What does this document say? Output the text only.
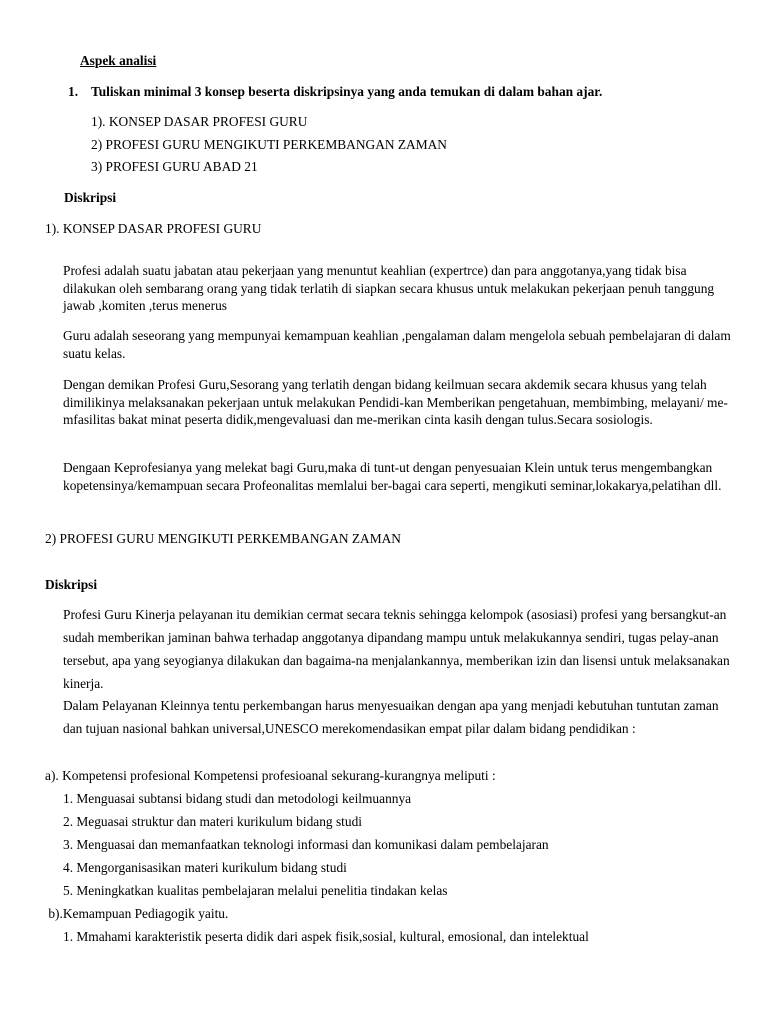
Aspek analisi
1. Tuliskan minimal 3 konsep beserta diskripsinya yang anda temukan di dalam bahan ajar.
1). KONSEP DASAR PROFESI GURU
2) PROFESI GURU MENGIKUTI PERKEMBANGAN ZAMAN
3) PROFESI GURU ABAD 21
Diskripsi
1). KONSEP DASAR PROFESI GURU
Profesi adalah suatu jabatan atau pekerjaan yang menuntut keahlian (expertrce) dan para anggotanya,yang tidak bisa dilakukan oleh sembarang orang yang tidak terlatih di siapkan secara khusus untuk melakukan pekerjaan penuh tanggung jawab ,komiten ,terus menerus
Guru adalah seseorang yang mempunyai kemampuan keahlian ,pengalaman dalam mengelola sebuah pembelajaran di dalam suatu kelas.
Dengan demikan Profesi Guru,Sesorang yang terlatih dengan bidang keilmuan secara akdemik secara khusus yang telah dimilikinya melaksanakan pekerjaan untuk melakukan Pendidi-kan Memberikan pengetahuan, membimbing, melayani/ me-mfasilitas bakat minat peserta didik,mengevaluasi dan me-merikan cinta kasih dengan tulus.Secara sosiologis.
Dengaan Keprofesianya yang melekat bagi Guru,maka di tunt-ut dengan penyesuaian Klein untuk terus mengembangkan kopetensinya/kemampuan secara Profeonalitas memlalui ber-bagai cara seperti, mengikuti seminar,lokakarya,pelatihan dll.
2) PROFESI GURU MENGIKUTI PERKEMBANGAN ZAMAN
Diskripsi
Profesi Guru Kinerja pelayanan itu demikian cermat secara teknis sehingga kelompok (asosiasi) profesi yang bersangkut-an sudah memberikan jaminan bahwa terhadap anggotanya dipandang mampu untuk melakukannya sendiri, tugas pelay-anan tersebut, apa yang seyogianya dilakukan dan bagaima-na menjalankannya, memberikan izin dan lisensi untuk melaksanakan kinerja.
Dalam Pelayanan Kleinnya tentu perkembangan harus menyesuaikan dengan apa yang menjadi kebutuhan tuntutan zaman dan tujuan nasional bahkan universal,UNESCO merekomendasikan empat pilar dalam bidang pendidikan :
a). Kompetensi profesional Kompetensi profesioanal sekurang-kurangnya meliputi :
1. Menguasai subtansi bidang studi dan metodologi keilmuannya
2. Meguasai struktur dan materi kurikulum bidang studi
3. Menguasai dan memanfaatkan teknologi informasi dan komunikasi dalam pembelajaran
4. Mengorganisasikan materi kurikulum bidang studi
5. Meningkatkan kualitas pembelajaran melalui penelitia tindakan kelas
b).Kemampuan Pediagogik yaitu.
1. Mmahami karakteristik peserta didik dari aspek fisik,sosial, kultural, emosional, dan intelektual
